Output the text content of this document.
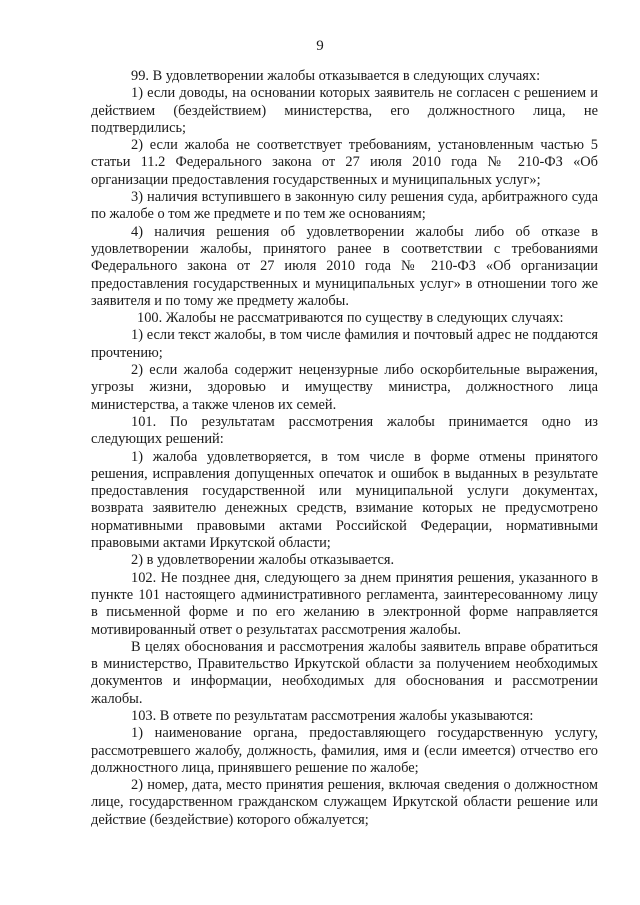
9

99. В удовлетворении жалобы отказывается в следующих случаях:

1) если доводы, на основании которых заявитель не согласен с решением и действием (бездействием) министерства, его должностного лица, не подтвердились;

2) если жалоба не соответствует требованиям, установленным частью 5 статьи 11.2 Федерального закона от 27 июля 2010 года № 210-ФЗ «Об организации предоставления государственных и муниципальных услуг»;

3) наличия вступившего в законную силу решения суда, арбитражного суда по жалобе о том же предмете и по тем же основаниям;

4) наличия решения об удовлетворении жалобы либо об отказе в удовлетворении жалобы, принятого ранее в соответствии с требованиями Федерального закона от 27 июля 2010 года № 210-ФЗ «Об организации предоставления государственных и муниципальных услуг» в отношении того же заявителя и по тому же предмету жалобы.

100. Жалобы не рассматриваются по существу в следующих случаях:

1) если текст жалобы, в том числе фамилия и почтовый адрес не поддаются прочтению;

2) если жалоба содержит нецензурные либо оскорбительные выражения, угрозы жизни, здоровью и имуществу министра, должностного лица министерства, а также членов их семей.

101. По результатам рассмотрения жалобы принимается одно из следующих решений:

1) жалоба удовлетворяется, в том числе в форме отмены принятого решения, исправления допущенных опечаток и ошибок в выданных в результате предоставления государственной или муниципальной услуги документах, возврата заявителю денежных средств, взимание которых не предусмотрено нормативными правовыми актами Российской Федерации, нормативными правовыми актами Иркутской области;

2) в удовлетворении жалобы отказывается.

102. Не позднее дня, следующего за днем принятия решения, указанного в пункте 101 настоящего административного регламента, заинтересованному лицу в письменной форме и по его желанию в электронной форме направляется мотивированный ответ о результатах рассмотрения жалобы.

В целях обоснования и рассмотрения жалобы заявитель вправе обратиться в министерство, Правительство Иркутской области за получением необходимых документов и информации, необходимых для обоснования и рассмотрении жалобы.

103. В ответе по результатам рассмотрения жалобы указываются:

1) наименование органа, предоставляющего государственную услугу, рассмотревшего жалобу, должность, фамилия, имя и (если имеется) отчество его должностного лица, принявшего решение по жалобе;

2) номер, дата, место принятия решения, включая сведения о должностном лице, государственном гражданском служащем Иркутской области решение или действие (бездействие) которого обжалуется;
